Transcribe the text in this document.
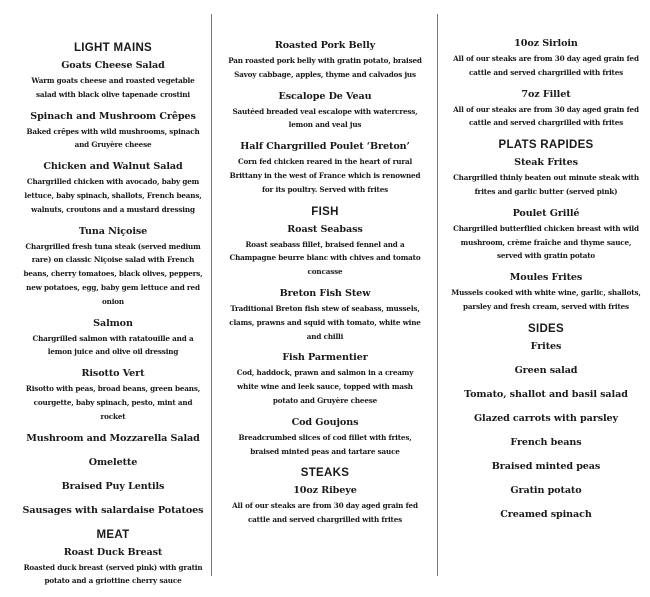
LIGHT MAINS
Goats Cheese Salad
Warm goats cheese and roasted vegetable salad with black olive tapenade crostini
Spinach and Mushroom Crêpes
Baked crêpes with wild mushrooms, spinach and Gruyère cheese
Chicken and Walnut Salad
Chargrilled chicken with avocado, baby gem lettuce, baby spinach, shallots, French beans, walnuts, croutons and a mustard dressing
Tuna Niçoise
Chargrilled fresh tuna steak (served medium rare) on classic Niçoise salad with French beans, cherry tomatoes, black olives, peppers, new potatoes, egg, baby gem lettuce and red onion
Salmon
Chargrilled salmon with ratatouille and a lemon juice and olive oil dressing
Risotto Vert
Risotto with peas, broad beans, green beans, courgette, baby spinach, pesto, mint and rocket
Mushroom and Mozzarella Salad
Omelette
Braised Puy Lentils
Sausages with salardaise Potatoes
MEAT
Roast Duck Breast
Roasted duck breast (served pink) with gratin potato and a griottine cherry sauce
Roasted Pork Belly
Pan roasted pork belly with gratin potato, braised Savoy cabbage, apples, thyme and calvados jus
Escalope De Veau
Sautéed breaded veal escalope with watercress, lemon and veal jus
Half Chargrilled Poulet ‘Breton’
Corn fed chicken reared in the heart of rural Brittany in the west of France which is renowned for its poultry. Served with frites
FISH
Roast Seabass
Roast seabass fillet, braised fennel and a Champagne beurre blanc with chives and tomato concasse
Breton Fish Stew
Traditional Breton fish stew of seabass, mussels, clams, prawns and squid with tomato, white wine and chilli
Fish Parmentier
Cod, haddock, prawn and salmon in a creamy white wine and leek sauce, topped with mash potato and Gruyère cheese
Cod Goujons
Breadcrumbed slices of cod fillet with frites, braised minted peas and tartare sauce
STEAKS
10oz Ribeye
All of our steaks are from 30 day aged grain fed cattle and served chargrilled with frites
10oz Sirloin
All of our steaks are from 30 day aged grain fed cattle and served chargrilled with frites
7oz Fillet
All of our steaks are from 30 day aged grain fed cattle and served chargrilled with frites
PLATS RAPIDES
Steak Frites
Chargrilled thinly beaten out minute steak with frites and garlic butter (served pink)
Poulet Grillé
Chargrilled butterflied chicken breast with wild mushroom, crème fraîche and thyme sauce, served with gratin potato
Moules Frites
Mussels cooked with white wine, garlic, shallots, parsley and fresh cream, served with frites
SIDES
Frites
Green salad
Tomato, shallot and basil salad
Glazed carrots with parsley
French beans
Braised minted peas
Gratin potato
Creamed spinach
